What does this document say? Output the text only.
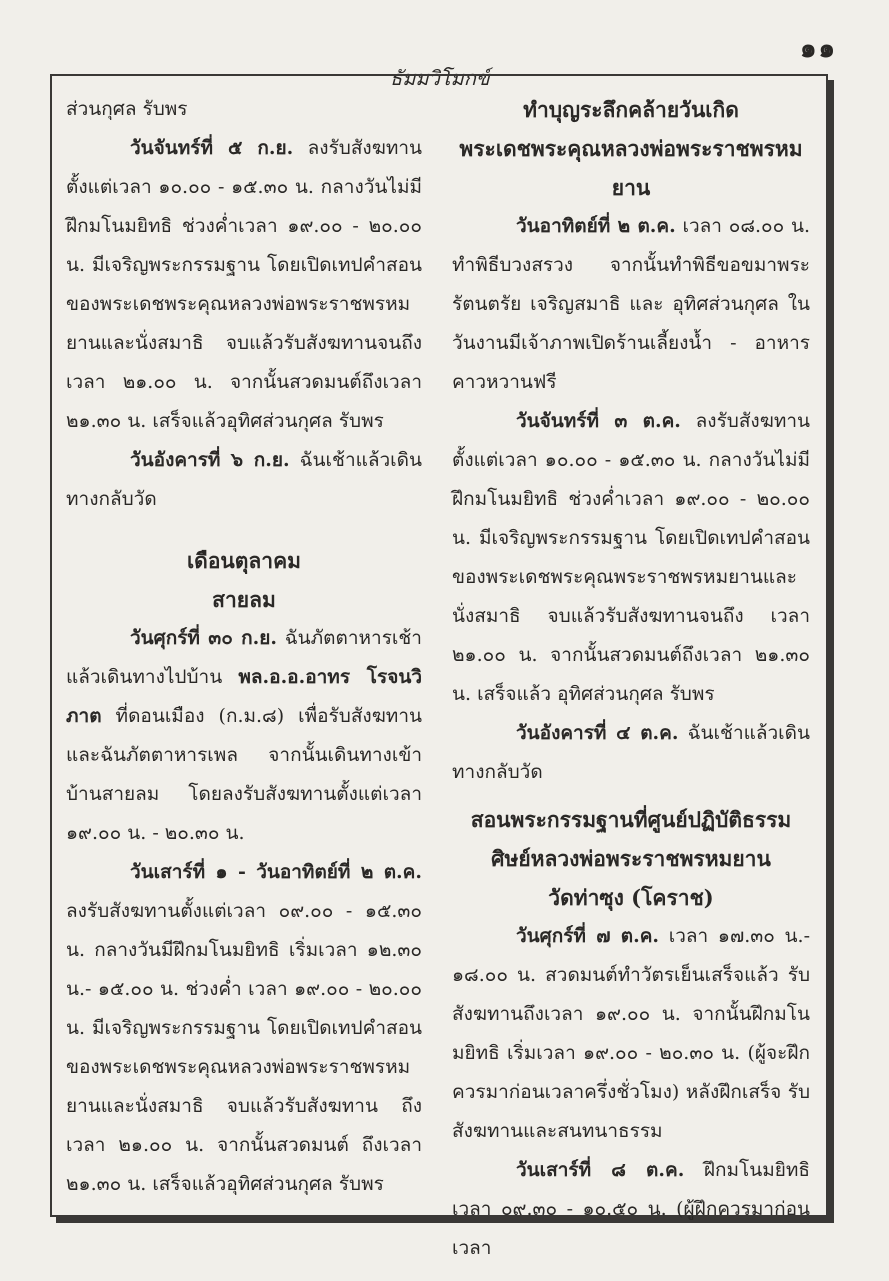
๑๑
ธัมมวิโมกข์

ส่วนกุศล รับพร

วันจันทร์ที่ ๕ ก.ย. ลงรับสังฆทาน ตั้งแต่เวลา ๑๐.๐๐ - ๑๕.๓๐ น. กลางวันไม่มีฝึกมโนมยิทธิ ช่วงค่ำเวลา ๑๙.๐๐ - ๒๐.๐๐ น. มีเจริญพระกรรมฐาน โดยเปิดเทปคำสอนของพระเดชพระคุณหลวงพ่อพระราชพรหมยานและนั่งสมาธิ จบแล้วรับสังฆทานจนถึง เวลา ๒๑.๐๐ น. จากนั้นสวดมนต์ถึงเวลา ๒๑.๓๐ น. เสร็จแล้วอุทิศส่วนกุศล รับพร

วันอังคารที่ ๖ ก.ย. ฉันเช้าแล้วเดินทางกลับวัด

เดือนตุลาคม
สายลม

วันศุกร์ที่ ๓๐ ก.ย. ฉันภัตตาหารเช้าแล้วเดินทางไปบ้าน พล.อ.อ.อาทร โรจนวิภาต ที่ดอนเมือง (ก.ม.๘) เพื่อรับสังฆทาน และฉันภัตตาหารเพล จากนั้นเดินทางเข้าบ้านสายลม โดยลงรับสังฆทานตั้งแต่เวลา ๑๙.๐๐ น. - ๒๐.๓๐ น.

วันเสาร์ที่ ๑ - วันอาทิตย์ที่ ๒ ต.ค. ลงรับสังฆทานตั้งแต่เวลา ๐๙.๐๐ - ๑๕.๓๐ น. กลางวันมีฝึกมโนมยิทธิ เริ่มเวลา ๑๒.๓๐ น.- ๑๕.๐๐ น. ช่วงค่ำ เวลา ๑๙.๐๐ - ๒๐.๐๐ น. มีเจริญพระกรรมฐาน โดยเปิดเทปคำสอนของพระเดชพระคุณหลวงพ่อพระราชพรหมยานและนั่งสมาธิ จบแล้วรับสังฆทาน ถึงเวลา ๒๑.๐๐ น. จากนั้นสวดมนต์ ถึงเวลา ๒๑.๓๐ น. เสร็จแล้วอุทิศส่วนกุศล รับพร

ทำบุญระลึกคล้ายวันเกิด
พระเดชพระคุณหลวงพ่อพระราชพรหมยาน

วันอาทิตย์ที่ ๒ ต.ค. เวลา ๐๘.๐๐ น. ทำพิธีบวงสรวง จากนั้นทำพิธีขอขมาพระรัตนตรัย เจริญสมาธิ และ อุทิศส่วนกุศล ในวันงานมีเจ้าภาพเปิดร้านเลี้ยงน้ำ - อาหารคาวหวานฟรี

วันจันทร์ที่ ๓ ต.ค. ลงรับสังฆทานตั้งแต่เวลา ๑๐.๐๐ - ๑๕.๓๐ น. กลางวันไม่มีฝึกมโนมยิทธิ ช่วงค่ำเวลา ๑๙.๐๐ - ๒๐.๐๐ น. มีเจริญพระกรรมฐาน โดยเปิดเทปคำสอนของพระเดชพระคุณพระราชพรหมยานและนั่งสมาธิ จบแล้วรับสังฆทานจนถึง เวลา ๒๑.๐๐ น. จากนั้นสวดมนต์ถึงเวลา ๒๑.๓๐ น. เสร็จแล้ว อุทิศส่วนกุศล รับพร

วันอังคารที่ ๔ ต.ค. ฉันเช้าแล้วเดินทางกลับวัด

สอนพระกรรมฐานที่ศูนย์ปฏิบัติธรรม
ศิษย์หลวงพ่อพระราชพรหมยาน
วัดท่าซุง (โคราช)

วันศุกร์ที่ ๗ ต.ค. เวลา ๑๗.๓๐ น.- ๑๘.๐๐ น. สวดมนต์ทำวัตรเย็นเสร็จแล้ว รับสังฆทานถึงเวลา ๑๙.๐๐ น. จากนั้นฝึกมโนมยิทธิ เริ่มเวลา ๑๙.๐๐ - ๒๐.๓๐ น. (ผู้จะฝึกควรมาก่อนเวลาครึ่งชั่วโมง) หลังฝึกเสร็จ รับสังฆทานและสนทนาธรรม

วันเสาร์ที่ ๘ ต.ค. ฝึกมโนมยิทธิ เวลา ๐๙.๓๐ - ๑๐.๕๐ น. (ผู้ฝึกควรมาก่อนเวลา
